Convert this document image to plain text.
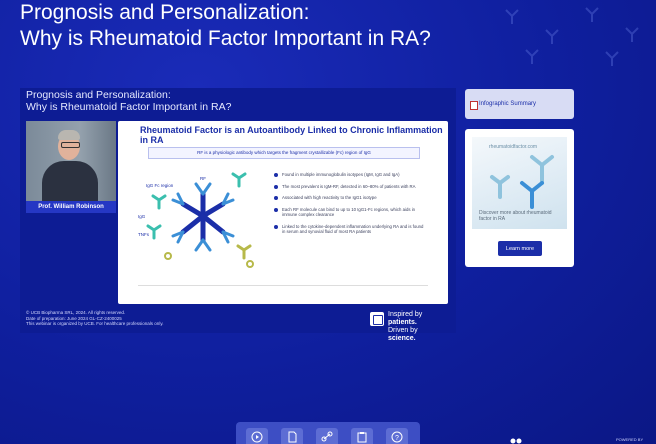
Prognosis and Personalization:
Why is Rheumatoid Factor Important in RA?
Prognosis and Personalization:
Why is Rheumatoid Factor Important in RA?
Prof. William Robinson
Rheumatoid Factor is an Autoantibody Linked to Chronic Inflammation in RA
RF is a physiologic antibody which targets the fragment crystallizable (Fc) region of IgG
IgG Fc region
RF
IgG
TNFs
Found in multiple immunoglobulin isotypes (IgM, IgG and IgA)
The most prevalent is IgM-RF, detected in 60–80% of patients with RA
Associated with high reactivity to the IgG1 isotype
Each RF molecule can bind to up to 10 IgG1-Fc regions, which aids in immune complex clearance
Linked to the cytokine-dependent inflammation underlying RA and is found in serum and synovial fluid of most RA patients
© UCB Biopharma SRL, 2024. All rights reserved.
Date of preparation: June 2024 GL-CZ-2400025
This webinar is organized by UCB. For healthcare professionals only.
Inspired by
patients.
Driven by
science.
Infographic Summary
rheumatoidfactor.com
Discover more about rheumatoid factor in RA
Learn more
?	POWERED BY
